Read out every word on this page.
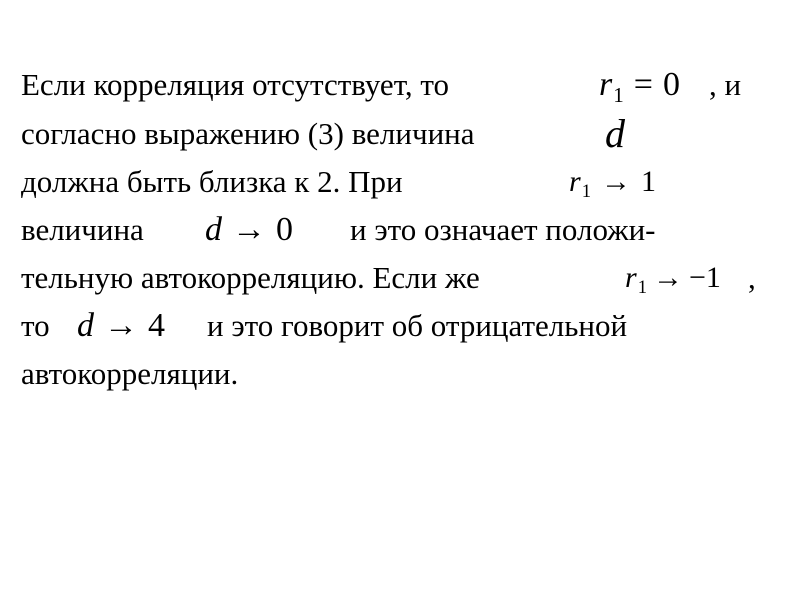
Если корреляция отсутствует, то	r1 = 0 , и
согласно выражению (3) величина	d
должна быть близка к 2. При	r1 → 1
величина d → 0 и это означает положи-
тельную автокорреляцию. Если же	r1 → −1 ,
то d → 4 и это говорит об отрицательной
автокорреляции.
